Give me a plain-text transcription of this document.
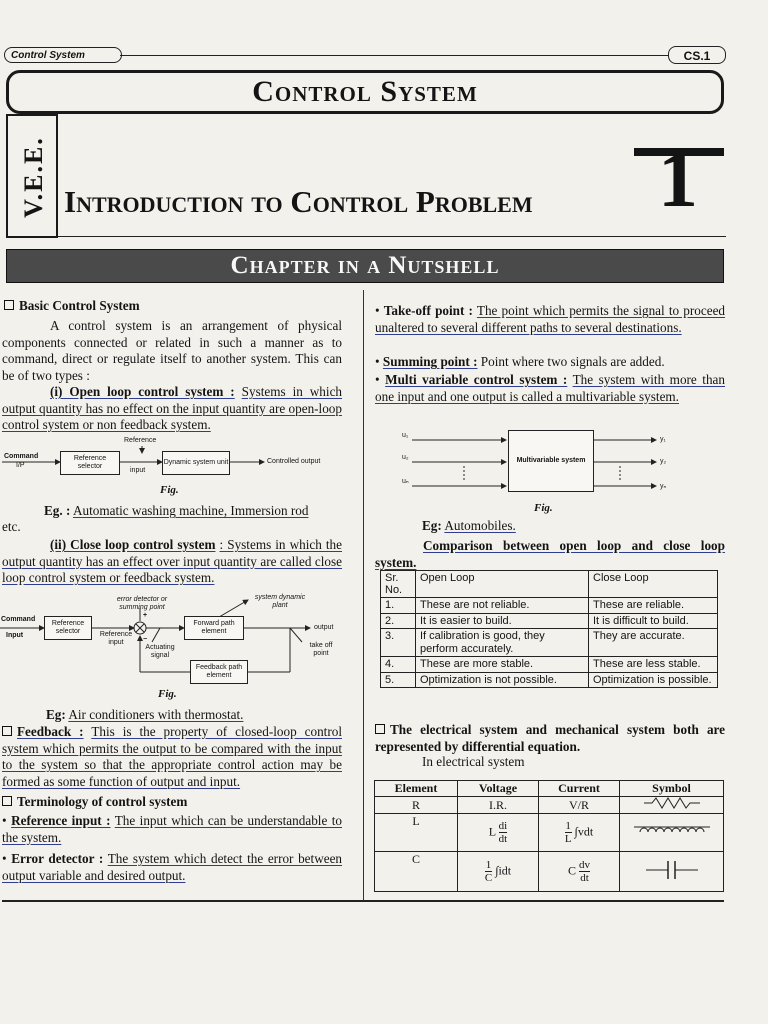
Control System	CS.1
Control System
V.E.E. Introduction to Control Problem	1
Chapter in a Nutshell
Basic Control System
A control system is an arrangement of physical components connected or related in such a manner as to command, direct or regulate itself to another system. This can be of two types :
(i) Open loop control system : Systems in which output quantity has no effect on the input quantity are open-loop control system or non feedback system.
Reference
Command
I/P
Reference selector
input
Dynamic system unit	Controlled output
Fig.
Eg. : Automatic washing machine, Immersion rod
etc.
(ii) Close loop control system : Systems in which the output quantity has an effect over input quantity are called close loop control system or feedback system.
error detector or summing point
system dynamic plant
Command
Input
Reference selector	Reference input
+
−
Actuating signal
Forward path element
output
take off point
Feedback path element
Fig.
Eg: Air conditioners with thermostat.
Feedback : This is the property of closed-loop control system which permits the output to be compared with the input to the system so that the appropriate control action may be formed as some function of output and input.
Terminology of control system
• Reference input : The input which can be understandable to the system.
• Error detector : The system which detect the error between output variable and desired output.
• Take-off point : The point which permits the signal to proceed unaltered to several different paths to several destinations.
• Summing point : Point where two signals are added.
• Multi variable control system : The system with more than one input and one output is called a multivariable system.
u₁
u₂
uₙ
Multivariable system
y₁
y₂
yₙ
Fig.
Eg: Automobiles.
Comparison between open loop and close loop system.
Sr. No.	Open Loop	Close Loop
1.	These are not reliable.	These are reliable.
2.	It is easier to build.	It is difficult to build.
3.	If calibration is good, they perform accurately.	They are accurate.
4.	These are more stable.	These are less stable.
5.	Optimization is not possible.	Optimization is possible.
The electrical system and mechanical system both are represented by differential equation.
In electrical system
Element	Voltage	Current	Symbol
R	I.R.	V/R	
L	L $\frac{di}{dt}$	$\frac{1}{L} \int vdt$	
C	$\frac{1}{C} \int idt$	C $\frac{dv}{dt}$
